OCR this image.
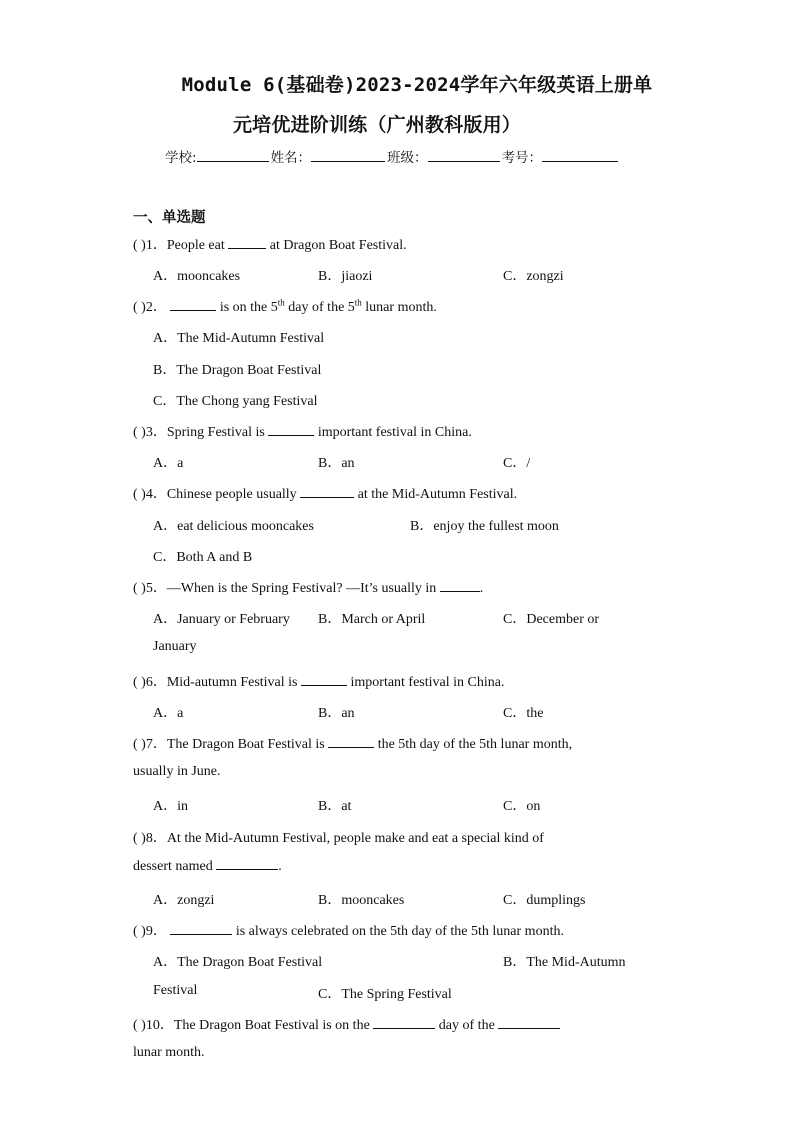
Module 6(基础卷)2023-2024学年六年级英语上册单
元培优进阶训练（广州教科版用）
学校:	姓名：	班级：	考号：
一、单选题
( )1．People eat	at Dragon Boat Festival.
A．mooncakes	B．jiaozi	C．zongzi
( )2．	is on the 5th day of the 5th lunar month.
A．The Mid-Autumn Festival
B．The Dragon Boat Festival
C．The Chong yang Festival
( )3．Spring Festival is	important festival in China.
A．a	B．an	C．/
( )4．Chinese people usually	at the Mid-Autumn Festival.
A．eat delicious mooncakes	B．enjoy the fullest moon
C．Both A and B
( )5．—When is the Spring Festival? —It’s usually in	.
A．January or February B．March or April	C．December or
January
( )6．Mid-autumn Festival is	important festival in China.
A．a	B．an	C．the
( )7．The Dragon Boat Festival is	the 5th day of the 5th lunar month,
usually in June.
A．in	B．at	C．on
( )8．At the Mid-Autumn Festival, people make and eat a special kind of
dessert named	.
A．zongzi	B．mooncakes	C．dumplings
( )9．	is always celebrated on the 5th day of the 5th lunar month.
A．The Dragon Boat Festival	B．The Mid-Autumn
Festival	C．The Spring Festival
( )10．The Dragon Boat Festival is on the	day of the
lunar month.
